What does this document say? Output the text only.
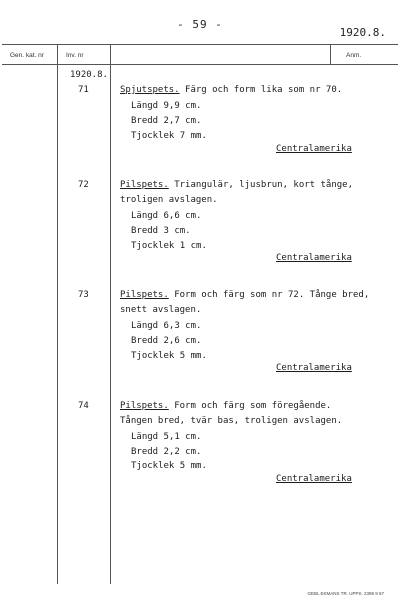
- 59 -
1920.8.
Gen. kat. nr	Inv. nr	Anm.
1920.8.
71	Spjutspets. Färg och form lika som nr 70.
Längd 9,9 cm.
Bredd 2,7 cm.
Tjocklek 7 mm.
Centralamerika
72	Pilspets. Triangulär, ljusbrun, kort tånge,
troligen avslagen.
Längd 6,6 cm.
Bredd 3 cm.
Tjocklek 1 cm.
Centralamerika
73	Pilspets. Form och färg som nr 72. Tånge bred,
snett avslagen.
Längd 6,3 cm.
Bredd 2,6 cm.
Tjocklek 5 mm.
Centralamerika
74	Pilspets. Form och färg som föregående.
Tången bred, tvär bas, troligen avslagen.
Längd 5,1 cm.
Bredd 2,2 cm.
Tjocklek 5 mm.
Centralamerika
GEBL EKMANS TR. UPPS. 2399 9 67
